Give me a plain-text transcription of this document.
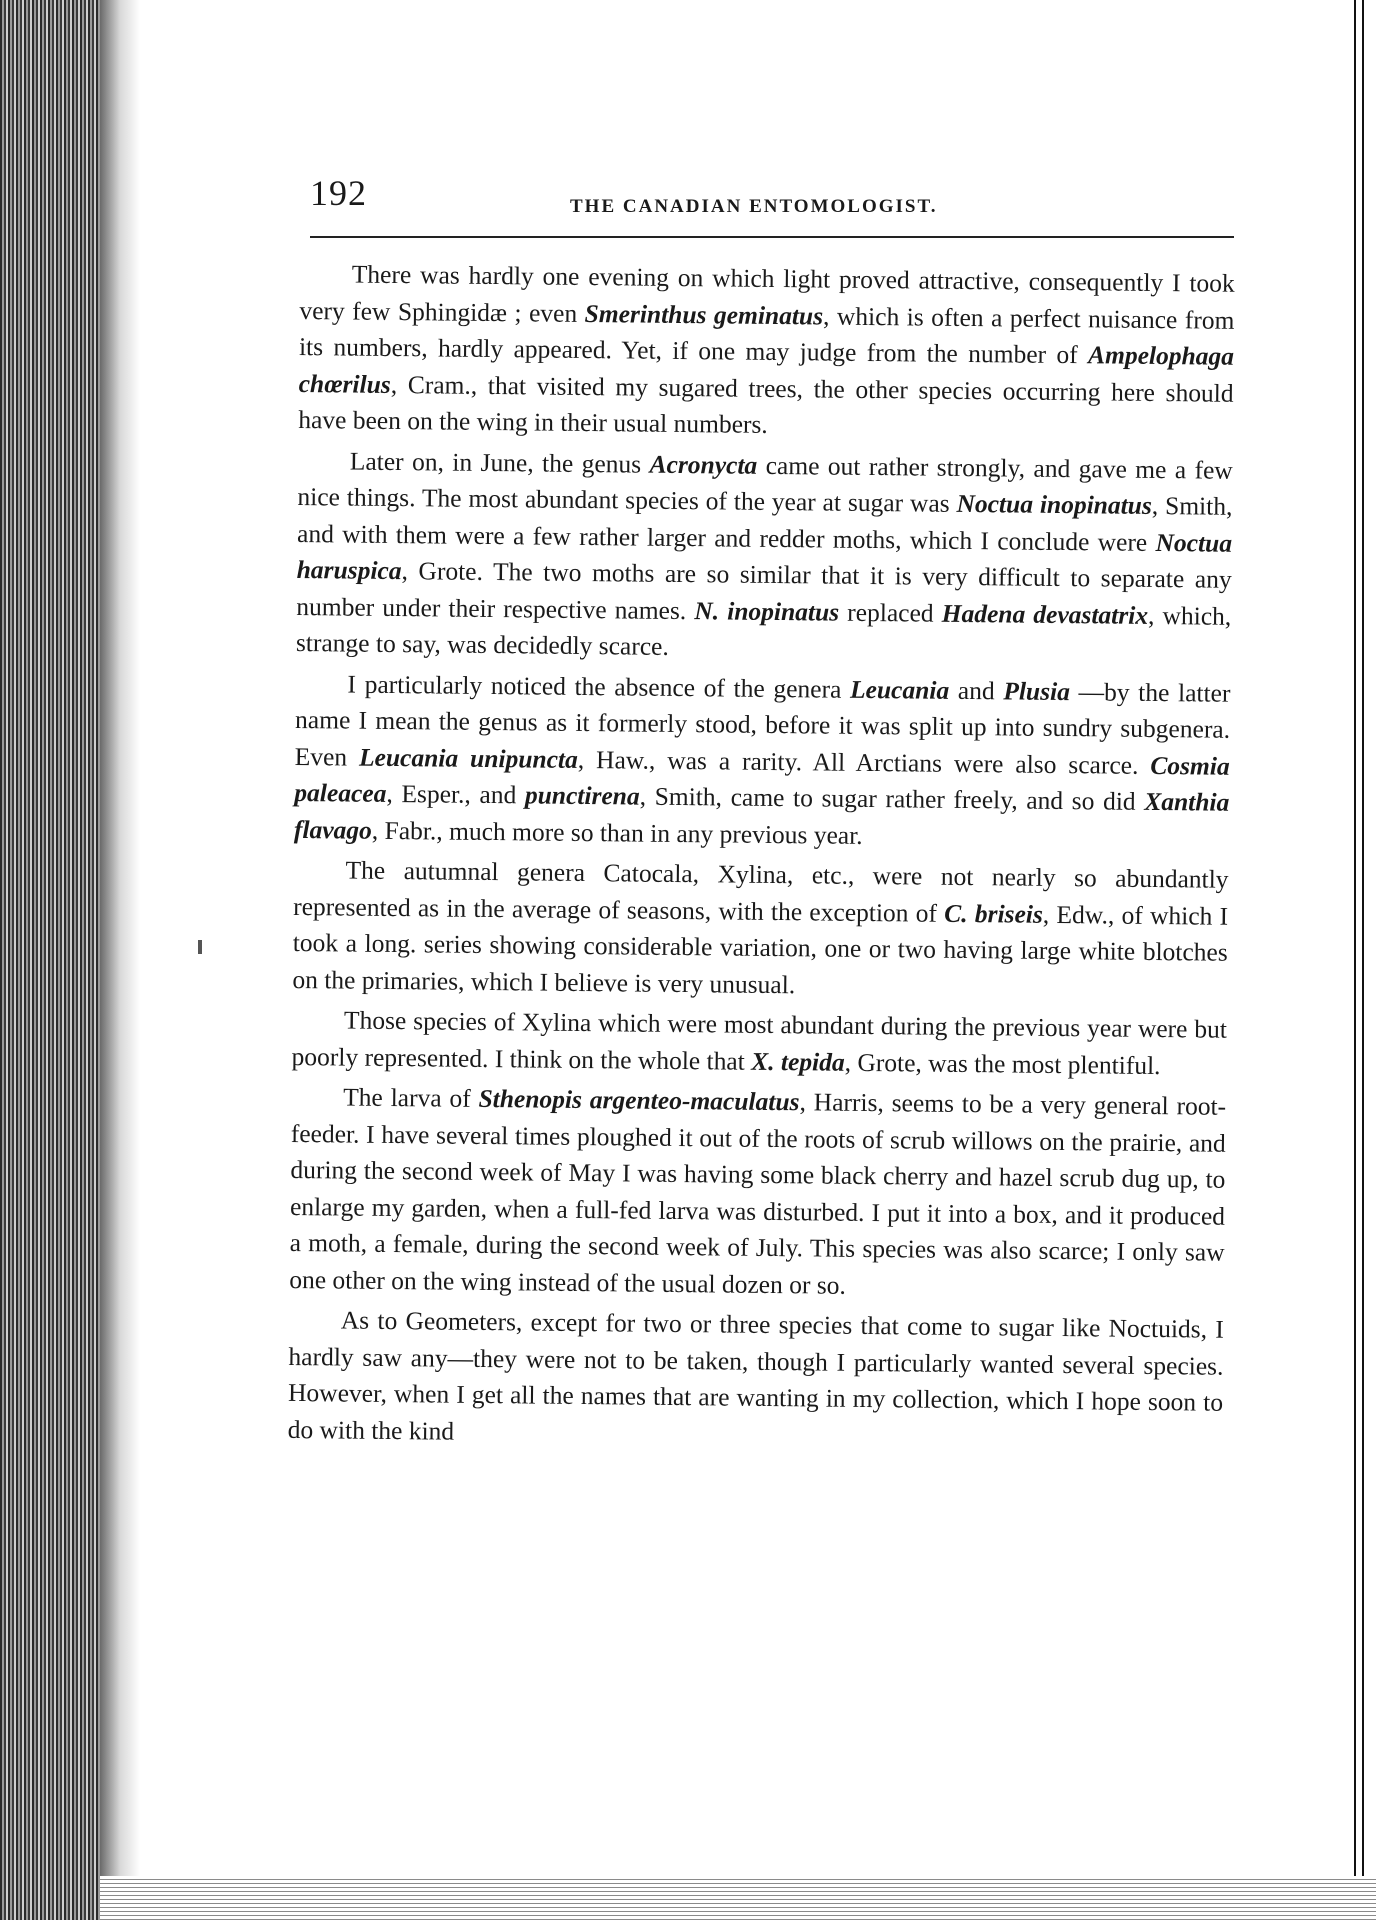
192	THE CANADIAN ENTOMOLOGIST.

There was hardly one evening on which light proved attractive, consequently I took very few Sphingidæ ; even Smerinthus geminatus, which is often a perfect nuisance from its numbers, hardly appeared. Yet, if one may judge from the number of Ampelophaga chœrilus, Cram., that visited my sugared trees, the other species occurring here should have been on the wing in their usual numbers.

Later on, in June, the genus Acronycta came out rather strongly, and gave me a few nice things. The most abundant species of the year at sugar was Noctua inopinatus, Smith, and with them were a few rather larger and redder moths, which I conclude were Noctua haruspica, Grote. The two moths are so similar that it is very difficult to separate any number under their respective names. N. inopinatus replaced Hadena devastatrix, which, strange to say, was decidedly scarce.

I particularly noticed the absence of the genera Leucania and Plusia —by the latter name I mean the genus as it formerly stood, before it was split up into sundry subgenera. Even Leucania unipuncta, Haw., was a rarity. All Arctians were also scarce. Cosmia paleacea, Esper., and punctirena, Smith, came to sugar rather freely, and so did Xanthia flavago, Fabr., much more so than in any previous year.

The autumnal genera Catocala, Xylina, etc., were not nearly so abundantly represented as in the average of seasons, with the exception of C. briseis, Edw., of which I took a long. series showing considerable variation, one or two having large white blotches on the primaries, which I believe is very unusual.

Those species of Xylina which were most abundant during the previous year were but poorly represented. I think on the whole that X. tepida, Grote, was the most plentiful.

The larva of Sthenopis argenteo-maculatus, Harris, seems to be a very general root-feeder. I have several times ploughed it out of the roots of scrub willows on the prairie, and during the second week of May I was having some black cherry and hazel scrub dug up, to enlarge my garden, when a full-fed larva was disturbed. I put it into a box, and it produced a moth, a female, during the second week of July. This species was also scarce; I only saw one other on the wing instead of the usual dozen or so.

As to Geometers, except for two or three species that come to sugar like Noctuids, I hardly saw any—they were not to be taken, though I particularly wanted several species. However, when I get all the names that are wanting in my collection, which I hope soon to do with the kind
